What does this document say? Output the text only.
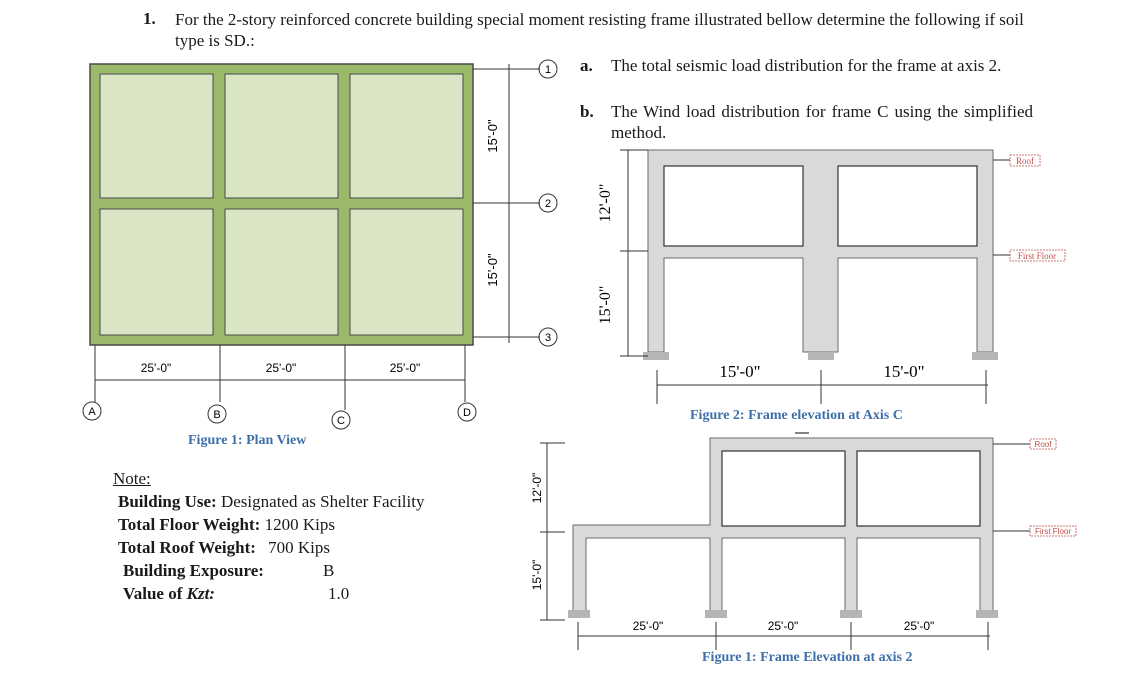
1. For the 2-story reinforced concrete building special moment resisting frame illustrated bellow determine the following if soil type is SD.:
a. The total seismic load distribution for the frame at axis 2.
b. The Wind load distribution for frame C using the simplified method.
1
2
3
15'-0"
15'-0"
25'-0"	25'-0"	25'-0"
A	B	C
D
12'-0"
15'-0"
15'-0"	15'-0"
Roof
First Floor
12'-0"
15'-0"
25'-0"	25'-0"	25'-0"
Roof
First Floor
Figure 1: Plan View
Figure 2: Frame elevation at Axis C
Figure 1: Frame Elevation at axis 2
Note:
Building Use: Designated as Shelter Facility
Total Floor Weight: 1200 Kips
Total Roof Weight: 700 Kips
Building Exposure:	B
Value of Kzt:	1.0
